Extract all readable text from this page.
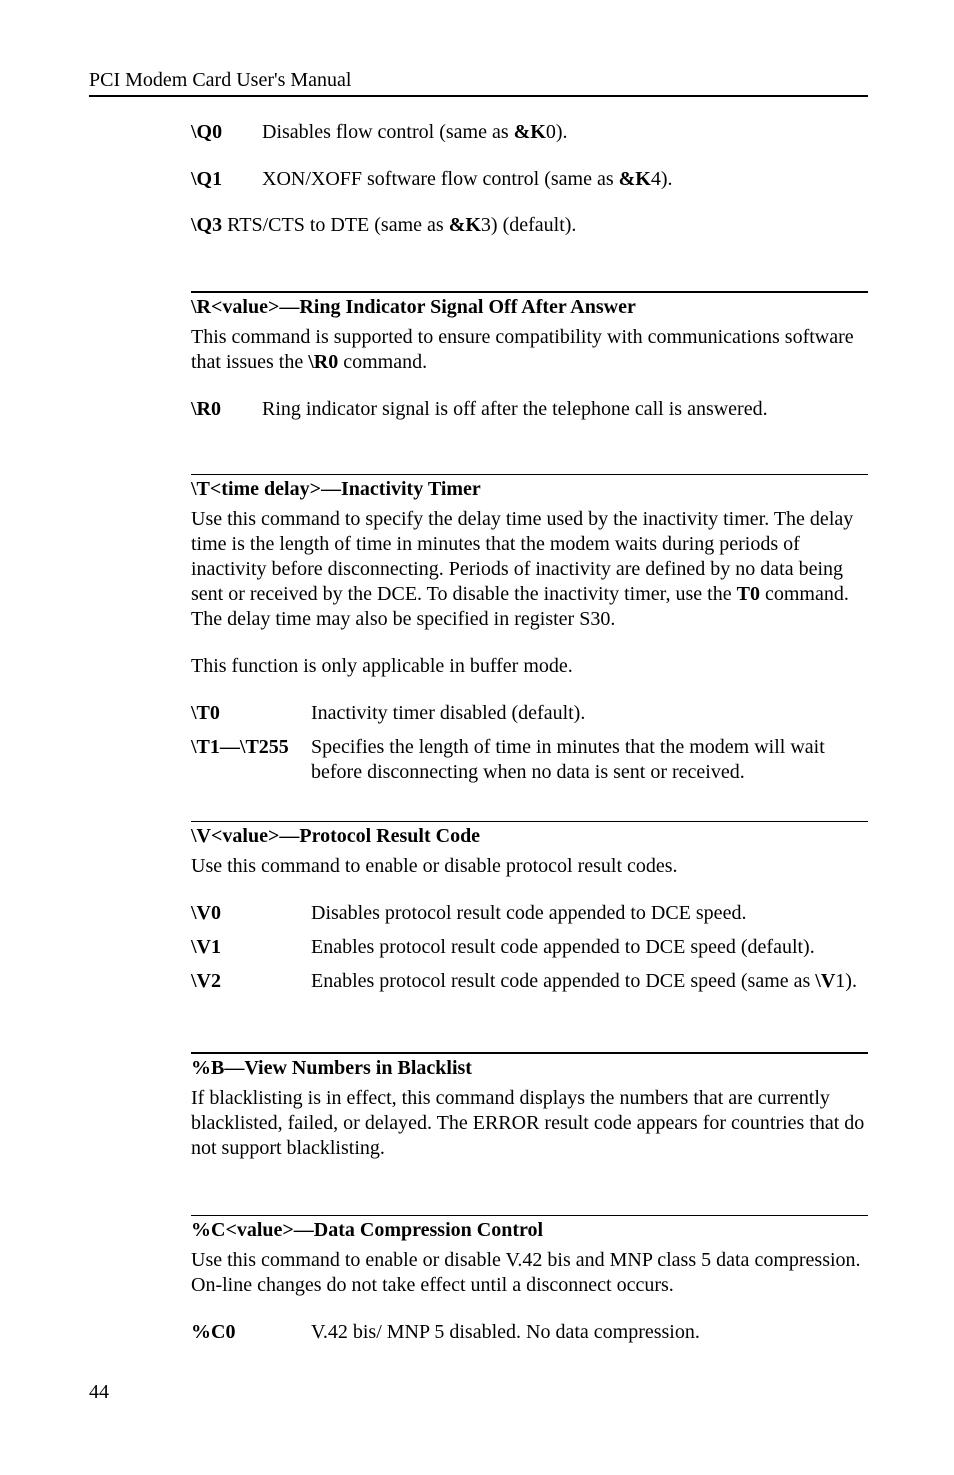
PCI Modem Card User's Manual
\Q0	Disables flow control (same as &K0).
\Q1	XON/XOFF software flow control (same as &K4).
\Q3 RTS/CTS to DTE (same as &K3) (default).
\R<value>—Ring Indicator Signal Off After Answer
This command is supported to ensure compatibility with communications software that issues the \R0 command.
\R0	Ring indicator signal is off after the telephone call is answered.
\T<time delay>—Inactivity Timer
Use this command to specify the delay time used by the inactivity timer. The delay time is the length of time in minutes that the modem waits during periods of inactivity before disconnecting. Periods of inactivity are defined by no data being sent or received by the DCE. To disable the inactivity timer, use the T0 command. The delay time may also be specified in register S30.
This function is only applicable in buffer mode.
\T0	Inactivity timer disabled (default).
\T1—\T255	Specifies the length of time in minutes that the modem will wait before disconnecting when no data is sent or received.
\V<value>—Protocol Result Code
Use this command to enable or disable protocol result codes.
\V0	Disables protocol result code appended to DCE speed.
\V1	Enables protocol result code appended to DCE speed (default).
\V2	Enables protocol result code appended to DCE speed (same as \V1).
%B—View Numbers in Blacklist
If blacklisting is in effect, this command displays the numbers that are currently blacklisted, failed, or delayed. The ERROR result code appears for countries that do not support blacklisting.
%C<value>—Data Compression Control
Use this command to enable or disable V.42 bis and MNP class 5 data compression. On-line changes do not take effect until a disconnect occurs.
%C0	V.42 bis/ MNP 5 disabled. No data compression.
44
